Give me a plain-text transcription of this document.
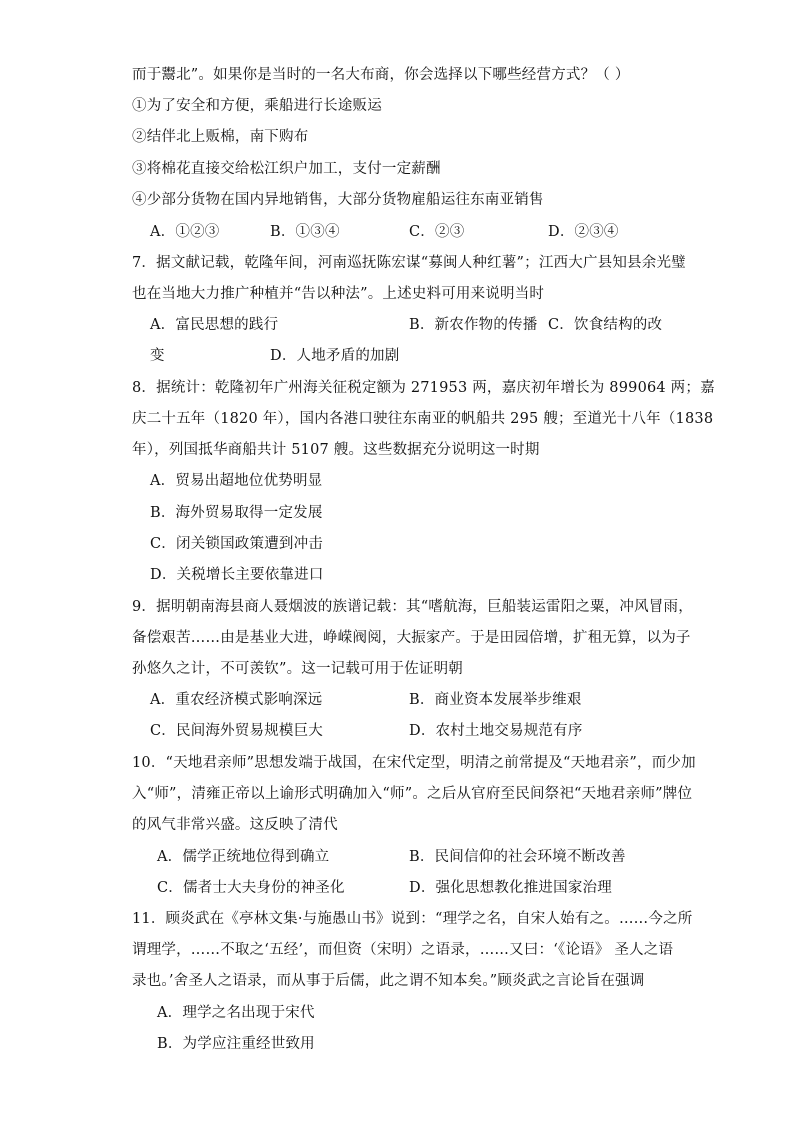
而于鬻北”。如果你是当时的一名大布商，你会选择以下哪些经营方式？（ ）
①为了安全和方便，乘船进行长途贩运
②结伴北上贩棉，南下购布
③将棉花直接交给松江织户加工，支付一定薪酬
④少部分货物在国内异地销售，大部分货物雇船运往东南亚销售
A．①②③	B．①③④	C．②③	D．②③④
7．据文献记载，乾隆年间，河南巡抚陈宏谋“募闽人种红薯”；江西大广县知县余光璧
也在当地大力推广种植并“告以种法”。上述史料可用来说明当时
A．富民思想的践行	B．新农作物的传播 C．饮食结构的改
变	D．人地矛盾的加剧
8．据统计：乾隆初年广州海关征税定额为 271953 两，嘉庆初年增长为 899064 两；嘉
庆二十五年（1820 年），国内各港口驶往东南亚的帆船共 295 艘；至道光十八年（1838
年），列国抵华商船共计 5107 艘。这些数据充分说明这一时期
A．贸易出超地位优势明显
B．海外贸易取得一定发展
C．闭关锁国政策遭到冲击
D．关税增长主要依靠进口
9．据明朝南海县商人聂烟波的族谱记载：其“嗜航海，巨船装运雷阳之粟，冲风冒雨，
备偿艰苦……由是基业大进，峥嵘阀阅，大振家产。于是田园倍增，扩租无算，以为子
孙悠久之计，不可羡钦”。这一记载可用于佐证明朝
A．重农经济模式影响深远	B．商业资本发展举步维艰
C．民间海外贸易规模巨大	D．农村土地交易规范有序
10．“天地君亲师”思想发端于战国，在宋代定型，明清之前常提及“天地君亲”，而少加
入“师”，清雍正帝以上谕形式明确加入“师”。之后从官府至民间祭祀“天地君亲师”牌位
的风气非常兴盛。这反映了清代
A．儒学正统地位得到确立	B．民间信仰的社会环境不断改善
C．儒者士大夫身份的神圣化	D．强化思想教化推进国家治理
11．顾炎武在《亭林文集·与施愚山书》说到：“理学之名，自宋人始有之。……今之所
谓理学，……不取之‘五经’，而但资（宋明）之语录，……又曰：‘《论语》 圣人之语
录也。’舍圣人之语录，而从事于后儒，此之谓不知本矣。”顾炎武之言论旨在强调
A．理学之名出现于宋代
B．为学应注重经世致用
